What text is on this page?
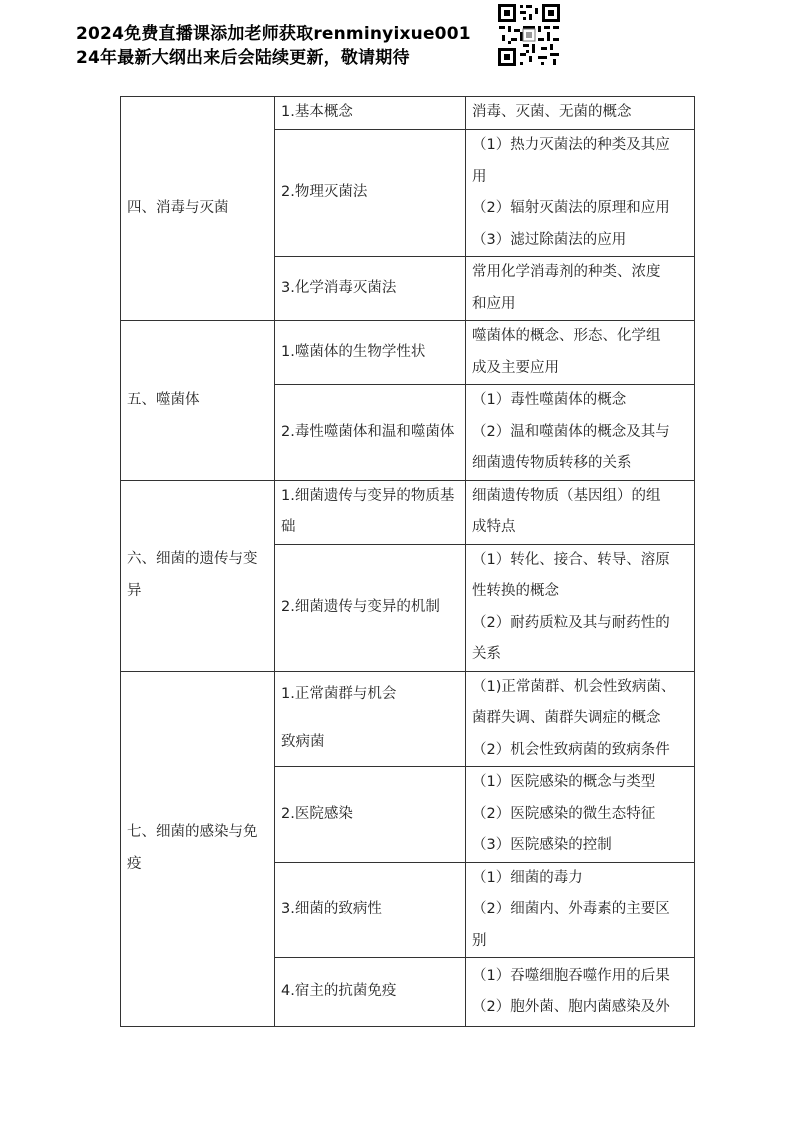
2024免费直播课添加老师获取renminyixue001
24年最新大纲出来后会陆续更新，敬请期待
四、消毒与灭菌	1.基本概念	消毒、灭菌、无菌的概念

	2.物理灭菌法	（1）热力灭菌法的种类及其应
用
（2）辐射灭菌法的原理和应用
（3）滤过除菌法的应用

	3.化学消毒灭菌法	常用化学消毒剂的种类、浓度
和应用

五、噬菌体	1.噬菌体的生物学性状	噬菌体的概念、形态、化学组
成及主要应用

	2.毒性噬菌体和温和噬菌体	（1）毒性噬菌体的概念
（2）温和噬菌体的概念及其与
细菌遗传物质转移的关系

六、细菌的遗传与变异	1.细菌遗传与变异的物质基础	细菌遗传物质（基因组）的组
成特点

	2.细菌遗传与变异的机制	（1）转化、接合、转导、溶原
性转换的概念
（2）耐药质粒及其与耐药性的
关系

七、细菌的感染与免疫	1.正常菌群与机会
致病菌	（1)正常菌群、机会性致病菌、
菌群失调、菌群失调症的概念
（2）机会性致病菌的致病条件

	2.医院感染	（1）医院感染的概念与类型
（2）医院感染的微生态特征
（3）医院感染的控制

	3.细菌的致病性	（1）细菌的毒力
（2）细菌内、外毒素的主要区
别

	4.宿主的抗菌免疫	（1）吞噬细胞吞噬作用的后果
（2）胞外菌、胞内菌感染及外
